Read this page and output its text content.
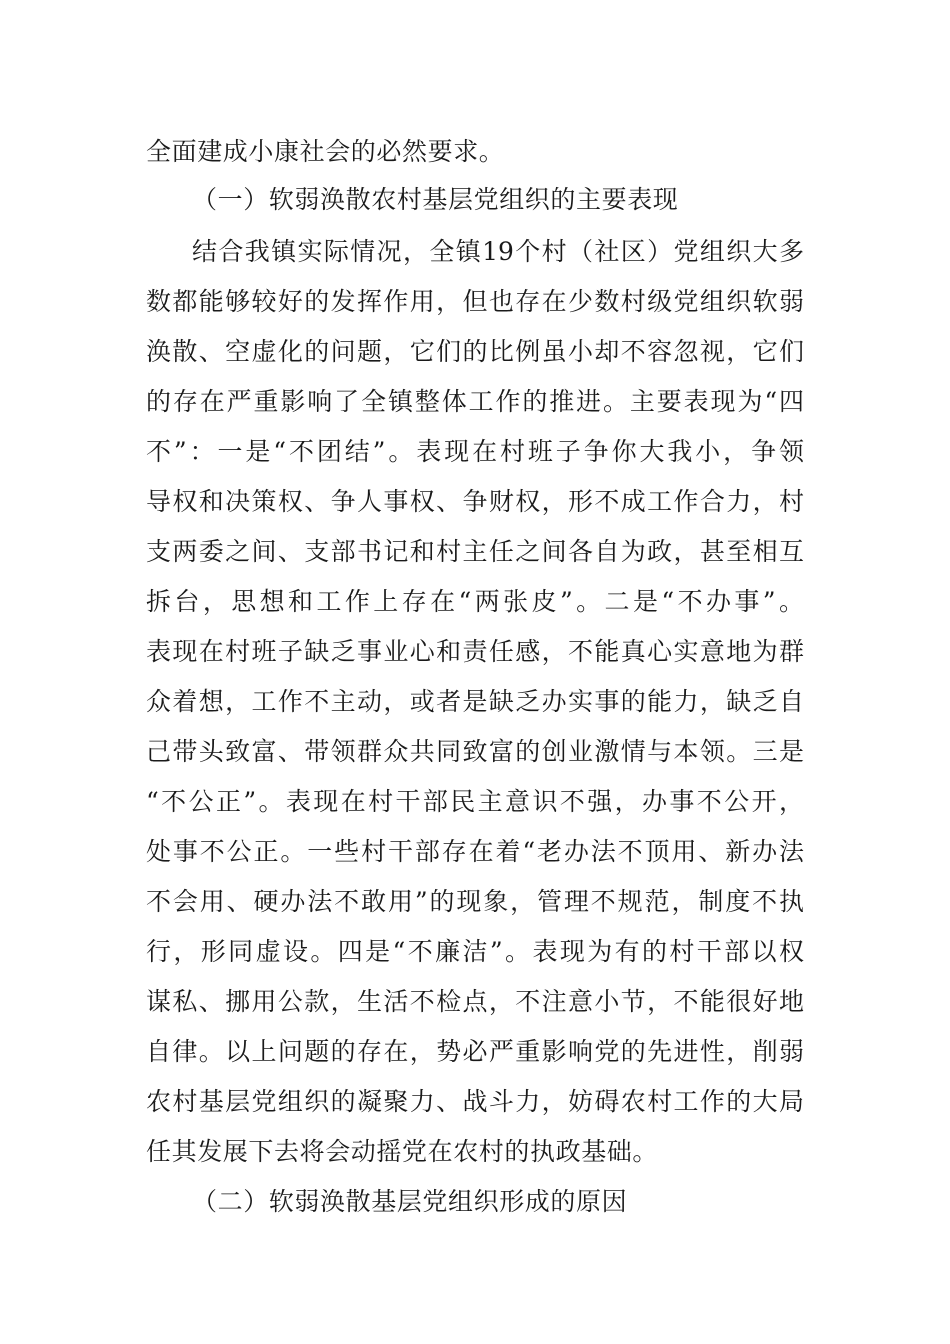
全面建成小康社会的必然要求。
（一）软弱涣散农村基层党组织的主要表现
结合我镇实际情况，全镇19个村（社区）党组织大多
数都能够较好的发挥作用，但也存在少数村级党组织软弱
涣散、空虚化的问题，它们的比例虽小却不容忽视，它们
的存在严重影响了全镇整体工作的推进。主要表现为“四
不”：一是“不团结”。表现在村班子争你大我小，争领
导权和决策权、争人事权、争财权，形不成工作合力，村
支两委之间、支部书记和村主任之间各自为政，甚至相互
拆台，思想和工作上存在“两张皮”。二是“不办事”。
表现在村班子缺乏事业心和责任感，不能真心实意地为群
众着想，工作不主动，或者是缺乏办实事的能力，缺乏自
己带头致富、带领群众共同致富的创业激情与本领。三是
“不公正”。表现在村干部民主意识不强，办事不公开，
处事不公正。一些村干部存在着“老办法不顶用、新办法
不会用、硬办法不敢用”的现象，管理不规范，制度不执
行，形同虚设。四是“不廉洁”。表现为有的村干部以权
谋私、挪用公款，生活不检点，不注意小节，不能很好地
自律。以上问题的存在，势必严重影响党的先进性，削弱
农村基层党组织的凝聚力、战斗力，妨碍农村工作的大局
任其发展下去将会动摇党在农村的执政基础。
（二）软弱涣散基层党组织形成的原因
